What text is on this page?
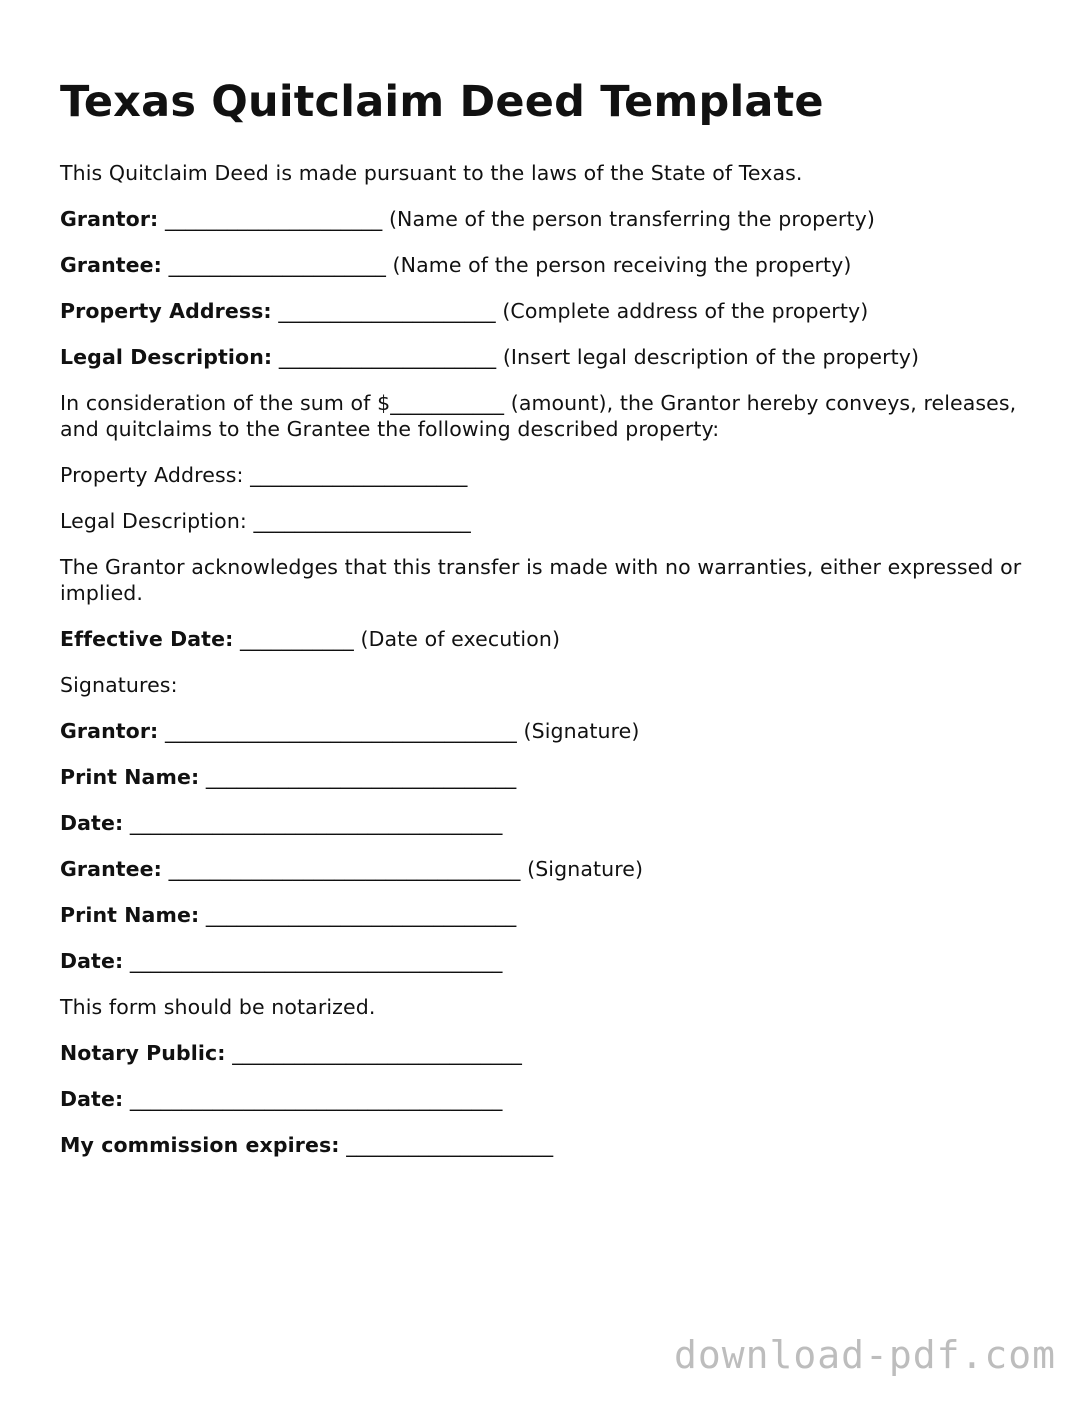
Texas Quitclaim Deed Template

This Quitclaim Deed is made pursuant to the laws of the State of Texas.

Grantor: _____________________ (Name of the person transferring the property)

Grantee: _____________________ (Name of the person receiving the property)

Property Address: _____________________ (Complete address of the property)

Legal Description: _____________________ (Insert legal description of the property)

In consideration of the sum of $___________ (amount), the Grantor hereby conveys, releases, and quitclaims to the Grantee the following described property:

Property Address: _____________________

Legal Description: _____________________

The Grantor acknowledges that this transfer is made with no warranties, either expressed or implied.

Effective Date: ___________ (Date of execution)

Signatures:

Grantor: __________________________________ (Signature)

Print Name: ______________________________

Date: ____________________________________

Grantee: __________________________________ (Signature)

Print Name: ______________________________

Date: ____________________________________

This form should be notarized.

Notary Public: ____________________________

Date: ____________________________________

My commission expires: ____________________

download-pdf.com
